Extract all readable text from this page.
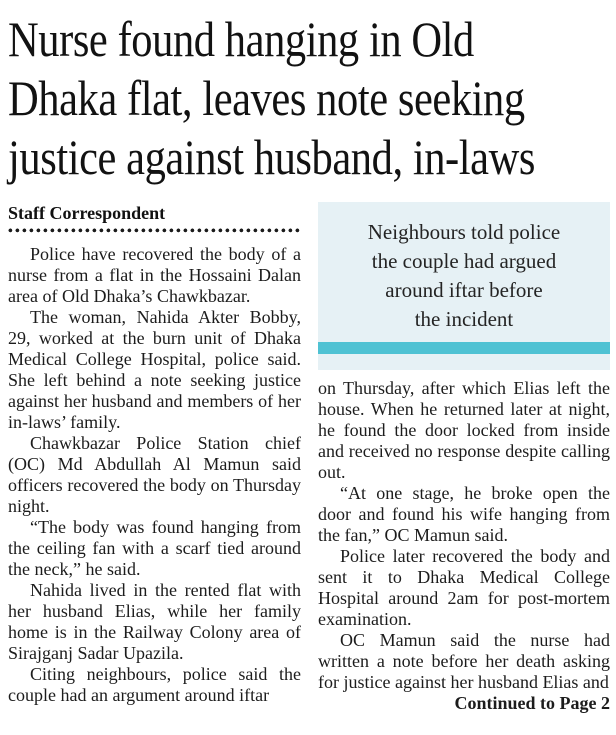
Nurse found hanging in Old
Dhaka flat, leaves note seeking
justice against husband, in-laws
Staff Correspondent

Police have recovered the body of a nurse from a flat in the Hossaini Dalan area of Old Dhaka’s Chawkbazar.

The woman, Nahida Akter Bobby, 29, worked at the burn unit of Dhaka Medical College Hospital, police said. She left behind a note seeking justice against her husband and members of her in-laws’ family.

Chawkbazar Police Station chief (OC) Md Abdullah Al Mamun said officers recovered the body on Thursday night.

“The body was found hanging from the ceiling fan with a scarf tied around the neck,” he said.

Nahida lived in the rented flat with her husband Elias, while her family home is in the Railway Colony area of Sirajganj Sadar Upazila.

Citing neighbours, police said the couple had an argument around iftar

Neighbours told police
the couple had argued
around iftar before
the incident

on Thursday, after which Elias left the house. When he returned later at night, he found the door locked from inside and received no response despite calling out.

“At one stage, he broke open the door and found his wife hanging from the fan,” OC Mamun said.

Police later recovered the body and sent it to Dhaka Medical College Hospital around 2am for post-mortem examination.

OC Mamun said the nurse had written a note before her death asking for justice against her husband Elias and

Continued to Page 2
